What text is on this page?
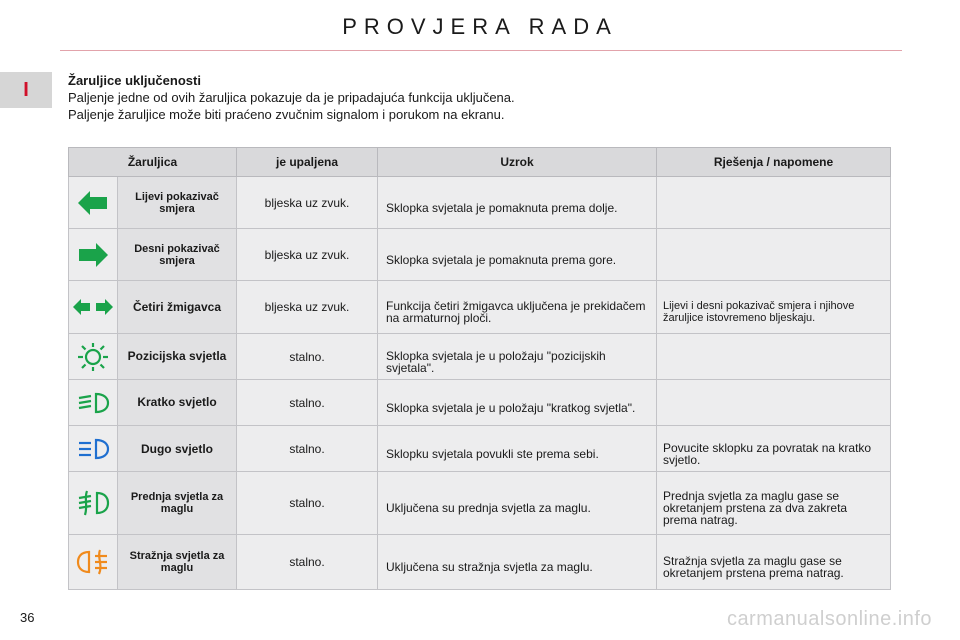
PROVJERA RADA
I	Žaruljice uključenosti
Paljenje jedne od ovih žaruljica pokazuje da je pripadajuća funkcija uključena.
Paljenje žaruljice može biti praćeno zvučnim signalom i porukom na ekranu.
Žaruljica		je upaljena	Uzrok	Rješenja / napomene

	Lijevi pokazivač smjera	bljeska uz zvuk.	Sklopka svjetala je pomaknuta prema dolje.	

	Desni pokazivač smjera	bljeska uz zvuk.	Sklopka svjetala je pomaknuta prema gore.	

	Četiri žmigavca	bljeska uz zvuk.	Funkcija četiri žmigavca uključena je prekidačem na armaturnoj ploči.	Lijevi i desni pokazivač smjera i njihove žaruljice istovremeno bljeskaju.

	Pozicijska svjetla	stalno.	Sklopka svjetala je u položaju "pozicijskih svjetala".	

	Kratko svjetlo	stalno.	Sklopka svjetala je u položaju "kratkog svjetla".	

	Dugo svjetlo	stalno.	Sklopku svjetala povukli ste prema sebi.	Povucite sklopku za povratak na kratko svjetlo.

	Prednja svjetla za maglu	stalno.	Uključena su prednja svjetla za maglu.	Prednja svjetla za maglu gase se okretanjem prstena za dva zakreta prema natrag.

	Stražnja svjetla za maglu	stalno.	Uključena su stražnja svjetla za maglu.	Stražnja svjetla za maglu gase se okretanjem prstena prema natrag.
36	carmanualsonline.info
